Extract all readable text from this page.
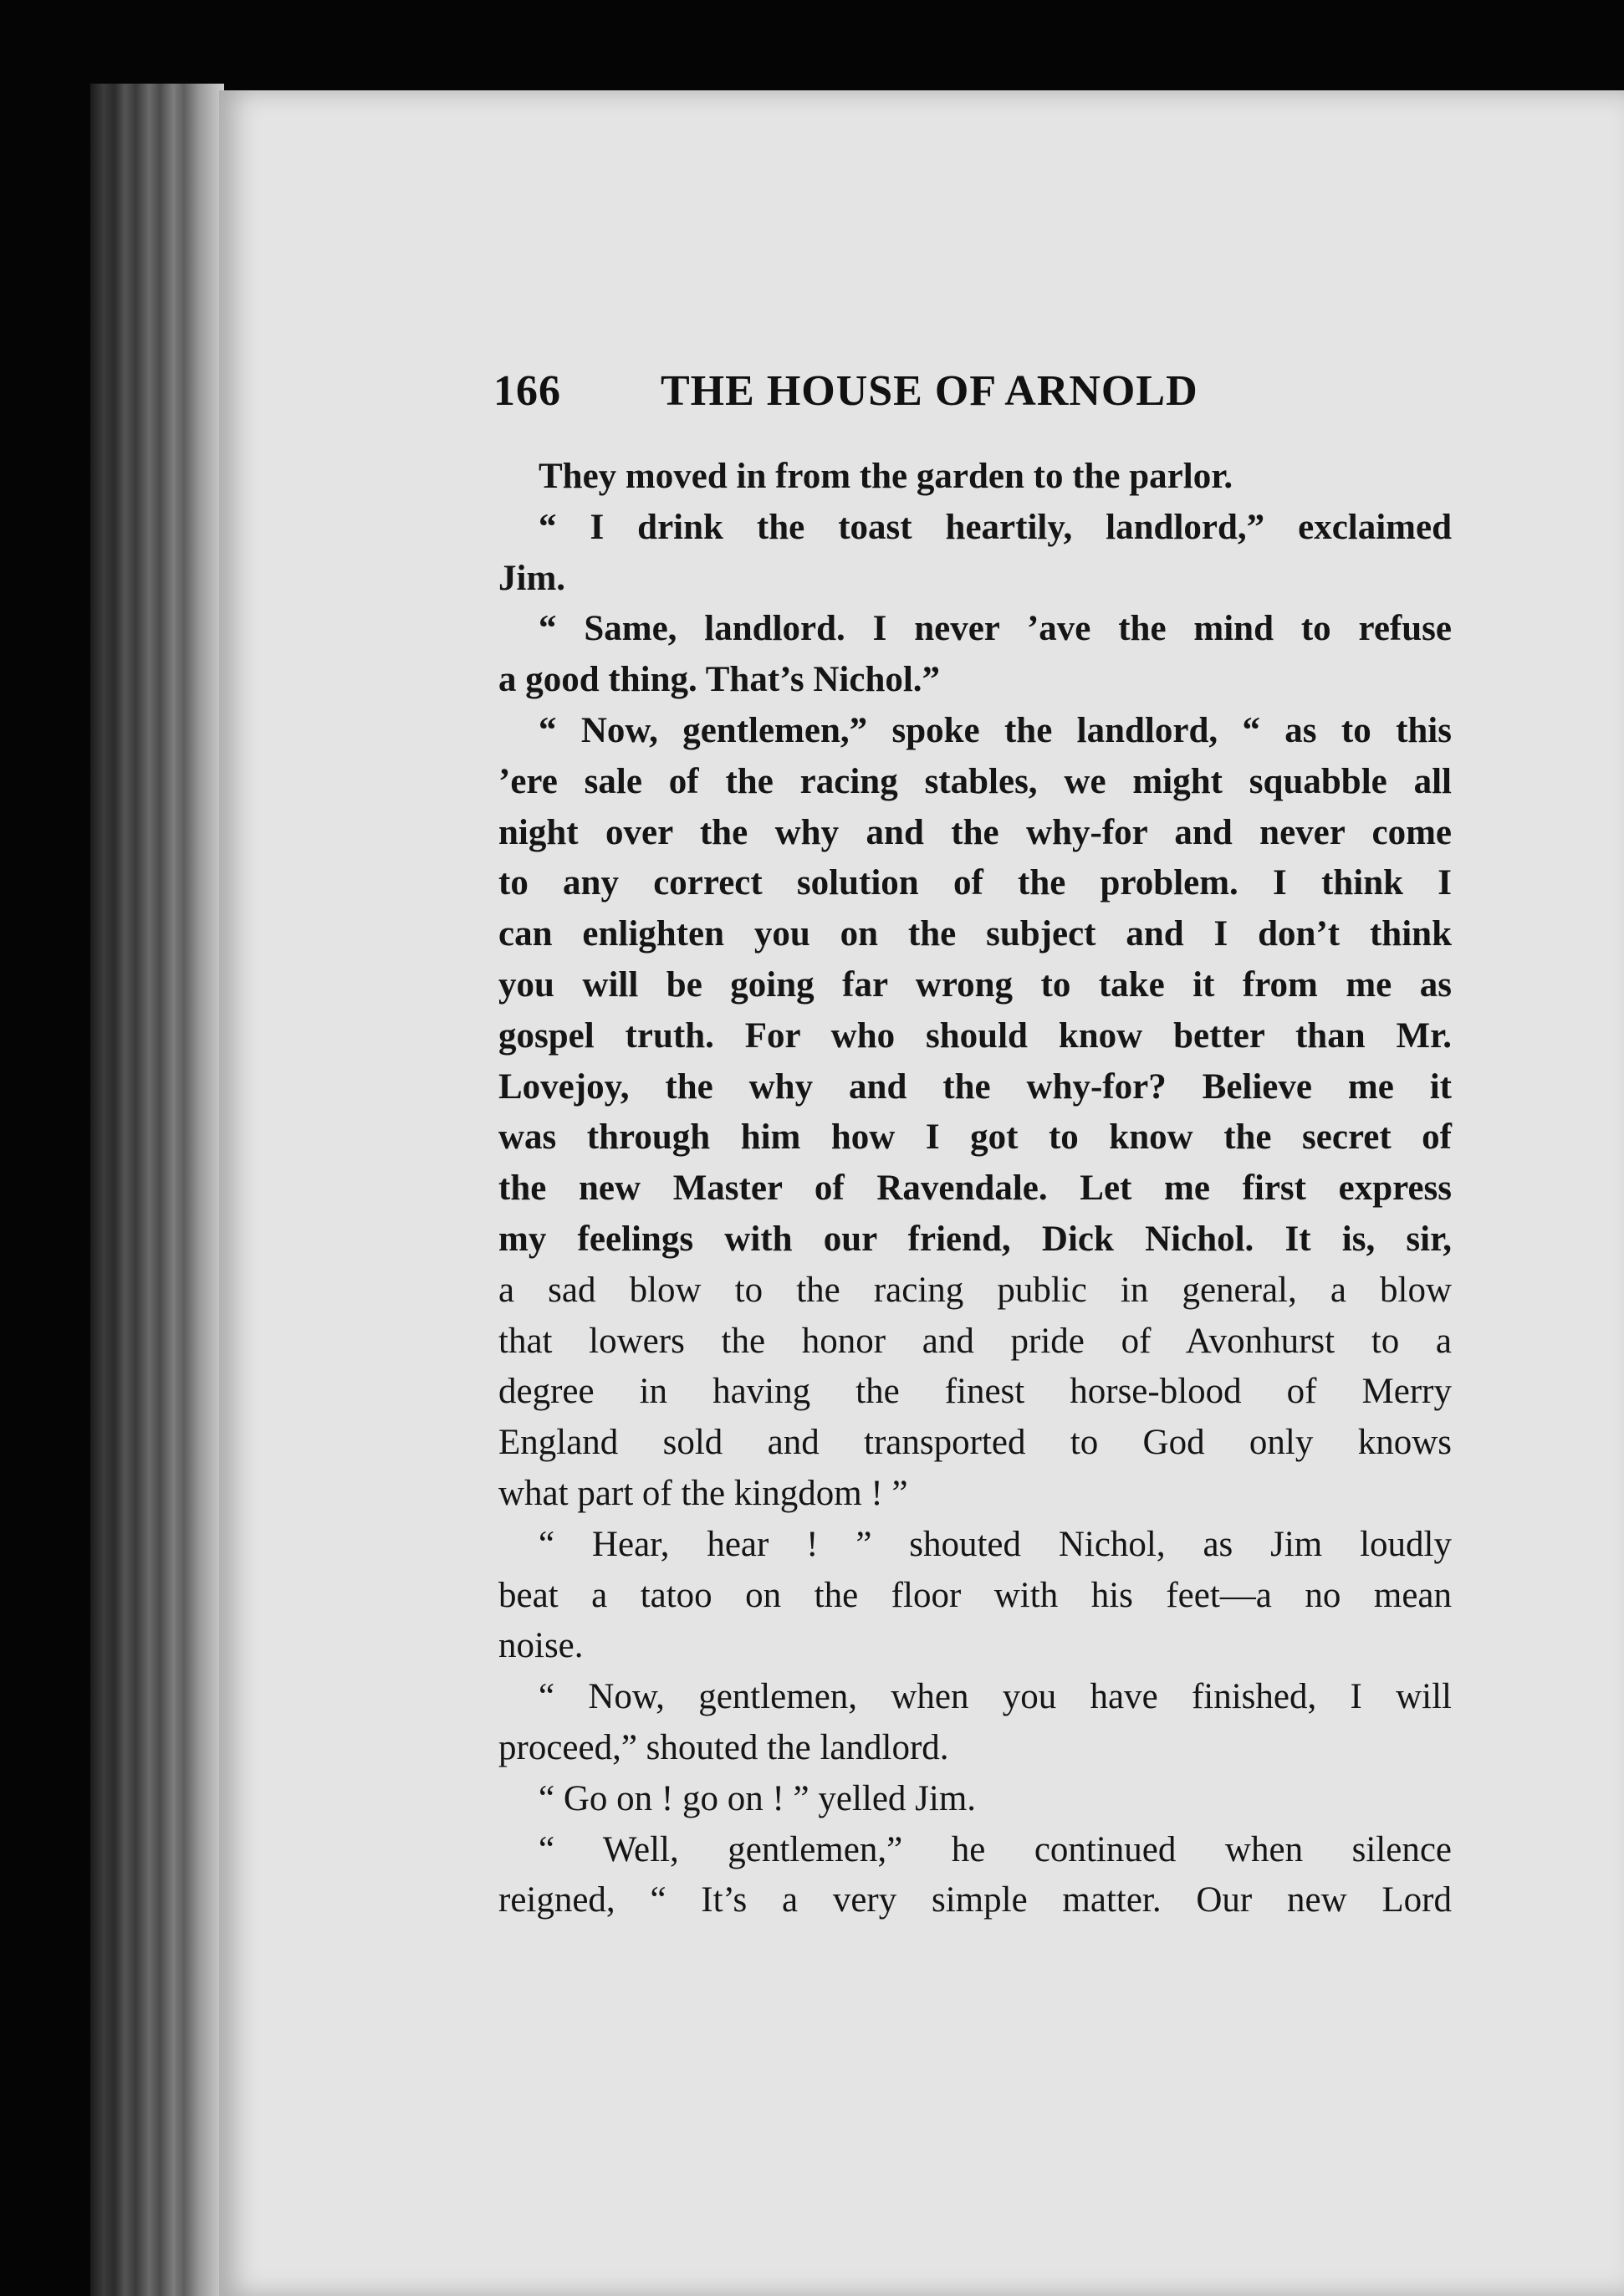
166 THE HOUSE OF ARNOLD
They moved in from the garden to the parlor.
“ I drink the toast heartily, landlord,” exclaimed
Jim.
“ Same, landlord. I never ’ave the mind to refuse
a good thing. That’s Nichol.”
“ Now, gentlemen,” spoke the landlord, “ as to this
’ere sale of the racing stables, we might squabble all
night over the why and the why-for and never come
to any correct solution of the problem. I think I
can enlighten you on the subject and I don’t think
you will be going far wrong to take it from me as
gospel truth. For who should know better than Mr.
Lovejoy, the why and the why-for? Believe me it
was through him how I got to know the secret of
the new Master of Ravendale. Let me first express
my feelings with our friend, Dick Nichol. It is, sir,
a sad blow to the racing public in general, a blow
that lowers the honor and pride of Avonhurst to a
degree in having the finest horse-blood of Merry
England sold and transported to God only knows
what part of the kingdom ! ”
“ Hear, hear ! ” shouted Nichol, as Jim loudly
beat a tatoo on the floor with his feet—a no mean
noise.
“ Now, gentlemen, when you have finished, I will
proceed,” shouted the landlord.
“ Go on ! go on ! ” yelled Jim.
“ Well, gentlemen,” he continued when silence
reigned, “ It’s a very simple matter. Our new Lord
